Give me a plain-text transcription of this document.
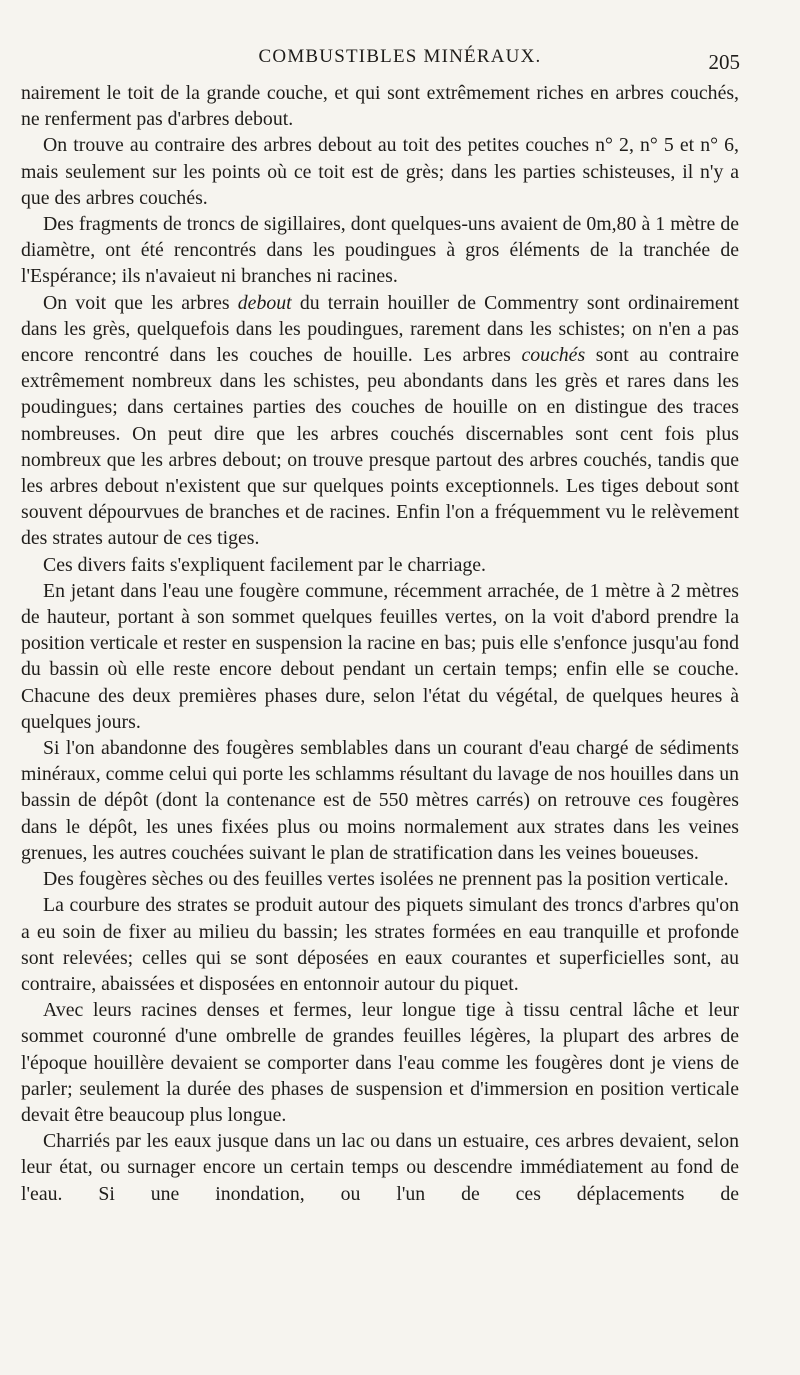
COMBUSTIBLES MINÉRAUX.	205

nairement le toit de la grande couche, et qui sont extrêmement riches en arbres couchés, ne renferment pas d'arbres debout.

On trouve au contraire des arbres debout au toit des petites couches n° 2, n° 5 et n° 6, mais seulement sur les points où ce toit est de grès; dans les parties schisteuses, il n'y a que des arbres couchés.

Des fragments de troncs de sigillaires, dont quelques-uns avaient de 0m,80 à 1 mètre de diamètre, ont été rencontrés dans les poudingues à gros éléments de la tranchée de l'Espérance; ils n'avaieut ni branches ni racines.

On voit que les arbres debout du terrain houiller de Commentry sont ordinairement dans les grès, quelquefois dans les poudingues, rarement dans les schistes; on n'en a pas encore rencontré dans les couches de houille. Les arbres couchés sont au contraire extrêmement nombreux dans les schistes, peu abondants dans les grès et rares dans les poudingues; dans certaines parties des couches de houille on en distingue des traces nombreuses. On peut dire que les arbres couchés discernables sont cent fois plus nombreux que les arbres debout; on trouve presque partout des arbres couchés, tandis que les arbres debout n'existent que sur quelques points exceptionnels. Les tiges debout sont souvent dépourvues de branches et de racines. Enfin l'on a fréquemment vu le relèvement des strates autour de ces tiges.

Ces divers faits s'expliquent facilement par le charriage.

En jetant dans l'eau une fougère commune, récemment arrachée, de 1 mètre à 2 mètres de hauteur, portant à son sommet quelques feuilles vertes, on la voit d'abord prendre la position verticale et rester en suspension la racine en bas; puis elle s'enfonce jusqu'au fond du bassin où elle reste encore debout pendant un certain temps; enfin elle se couche. Chacune des deux premières phases dure, selon l'état du végétal, de quelques heures à quelques jours.

Si l'on abandonne des fougères semblables dans un courant d'eau chargé de sédiments minéraux, comme celui qui porte les schlamms résultant du lavage de nos houilles dans un bassin de dépôt (dont la contenance est de 550 mètres carrés) on retrouve ces fougères dans le dépôt, les unes fixées plus ou moins normalement aux strates dans les veines grenues, les autres couchées suivant le plan de stratification dans les veines boueuses.

Des fougères sèches ou des feuilles vertes isolées ne prennent pas la position verticale.

La courbure des strates se produit autour des piquets simulant des troncs d'arbres qu'on a eu soin de fixer au milieu du bassin; les strates formées en eau tranquille et profonde sont relevées; celles qui se sont déposées en eaux courantes et superficielles sont, au contraire, abaissées et disposées en entonnoir autour du piquet.

Avec leurs racines denses et fermes, leur longue tige à tissu central lâche et leur sommet couronné d'une ombrelle de grandes feuilles légères, la plupart des arbres de l'époque houillère devaient se comporter dans l'eau comme les fougères dont je viens de parler; seulement la durée des phases de suspension et d'immersion en position verticale devait être beaucoup plus longue.

Charriés par les eaux jusque dans un lac ou dans un estuaire, ces arbres devaient, selon leur état, ou surnager encore un certain temps ou descendre immédiatement au fond de l'eau. Si une inondation, ou l'un de ces déplacements de
